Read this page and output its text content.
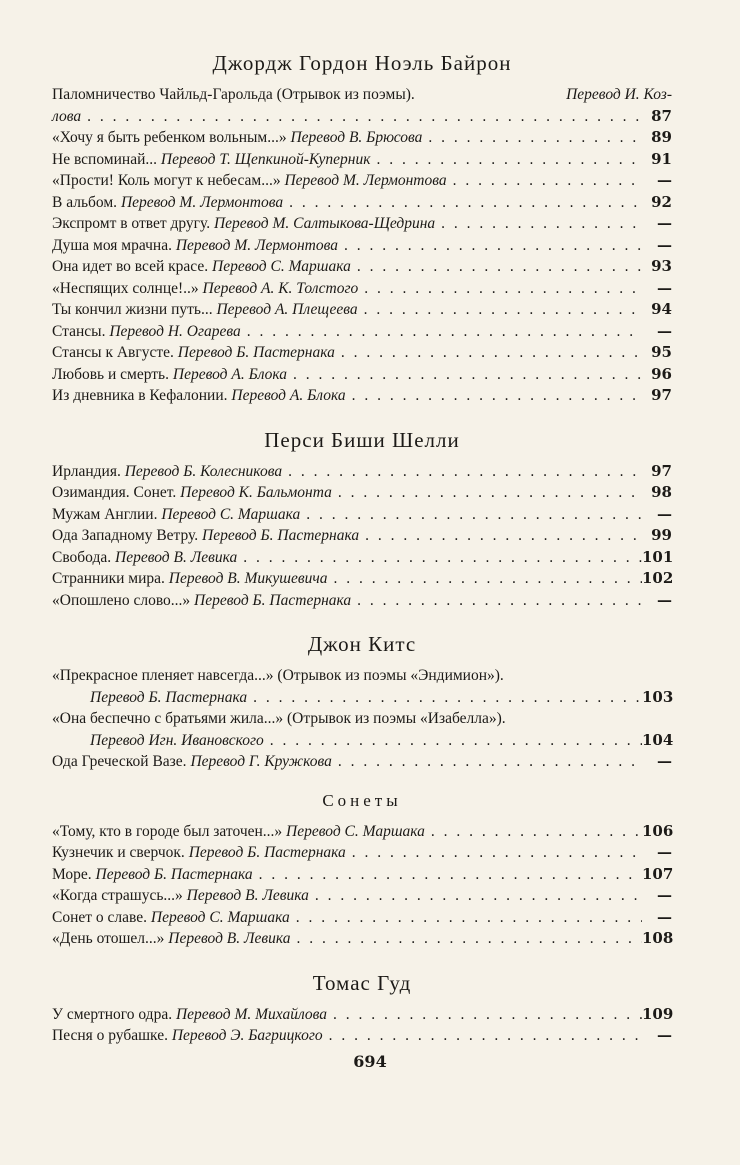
Джордж Гордон Ноэль Байрон
Паломничество Чайльд-Гарольда (Отрывок из поэмы).	Перевод И. Коз-
лова . . .	87
«Хочу я быть ребенком вольным...» Перевод В. Брюсова . . .	89
Не вспоминай... Перевод Т. Щепкиной-Куперник . . .	91
«Прости! Коль могут к небесам...» Перевод М. Лермонтова . . .	—
В альбом. Перевод М. Лермонтова . . .	92
Экспромт в ответ другу. Перевод М. Салтыкова-Щедрина . . .	—
Душа моя мрачна. Перевод М. Лермонтова . . .	—
Она идет во всей красе. Перевод С. Маршака . . .	93
«Неспящих солнце!..» Перевод А. К. Толстого . . .	—
Ты кончил жизни путь... Перевод А. Плещеева . . .	94
Стансы. Перевод Н. Огарева . . .	—
Стансы к Августе. Перевод Б. Пастернака . . .	95
Любовь и смерть. Перевод А. Блока . . .	96
Из дневника в Кефалонии. Перевод А. Блока . . .	97
Перси Биши Шелли
Ирландия. Перевод Б. Колесникова . . .	97
Озимандия. Сонет. Перевод К. Бальмонта . . .	98
Мужам Англии. Перевод С. Маршака . . .	—
Ода Западному Ветру. Перевод Б. Пастернака . . .	99
Свобода. Перевод В. Левика . . .	101
Странники мира. Перевод В. Микушевича . . .	102
«Опошлено слово...» Перевод Б. Пастернака . . .	—
Джон Китс
«Прекрасное пленяет навсегда...» (Отрывок из поэмы «Эндимион»).
Перевод Б. Пастернака . . .	103
«Она беспечно с братьями жила...» (Отрывок из поэмы «Изабелла»).
Перевод Игн. Ивановского . . .	104
Ода Греческой Вазе. Перевод Г. Кружкова . . .	—
Сонеты
«Тому, кто в городе был заточен...» Перевод С. Маршака . . .	106
Кузнечик и сверчок. Перевод Б. Пастернака . . .	—
Море. Перевод Б. Пастернака . . .	107
«Когда страшусь...» Перевод В. Левика . . .	—
Сонет о славе. Перевод С. Маршака . . .	—
«День отошел...» Перевод В. Левика . . .	108
Томас Гуд
У смертного одра. Перевод М. Михайлова . . .	109
Песня о рубашке. Перевод Э. Багрицкого . . .	—
694
